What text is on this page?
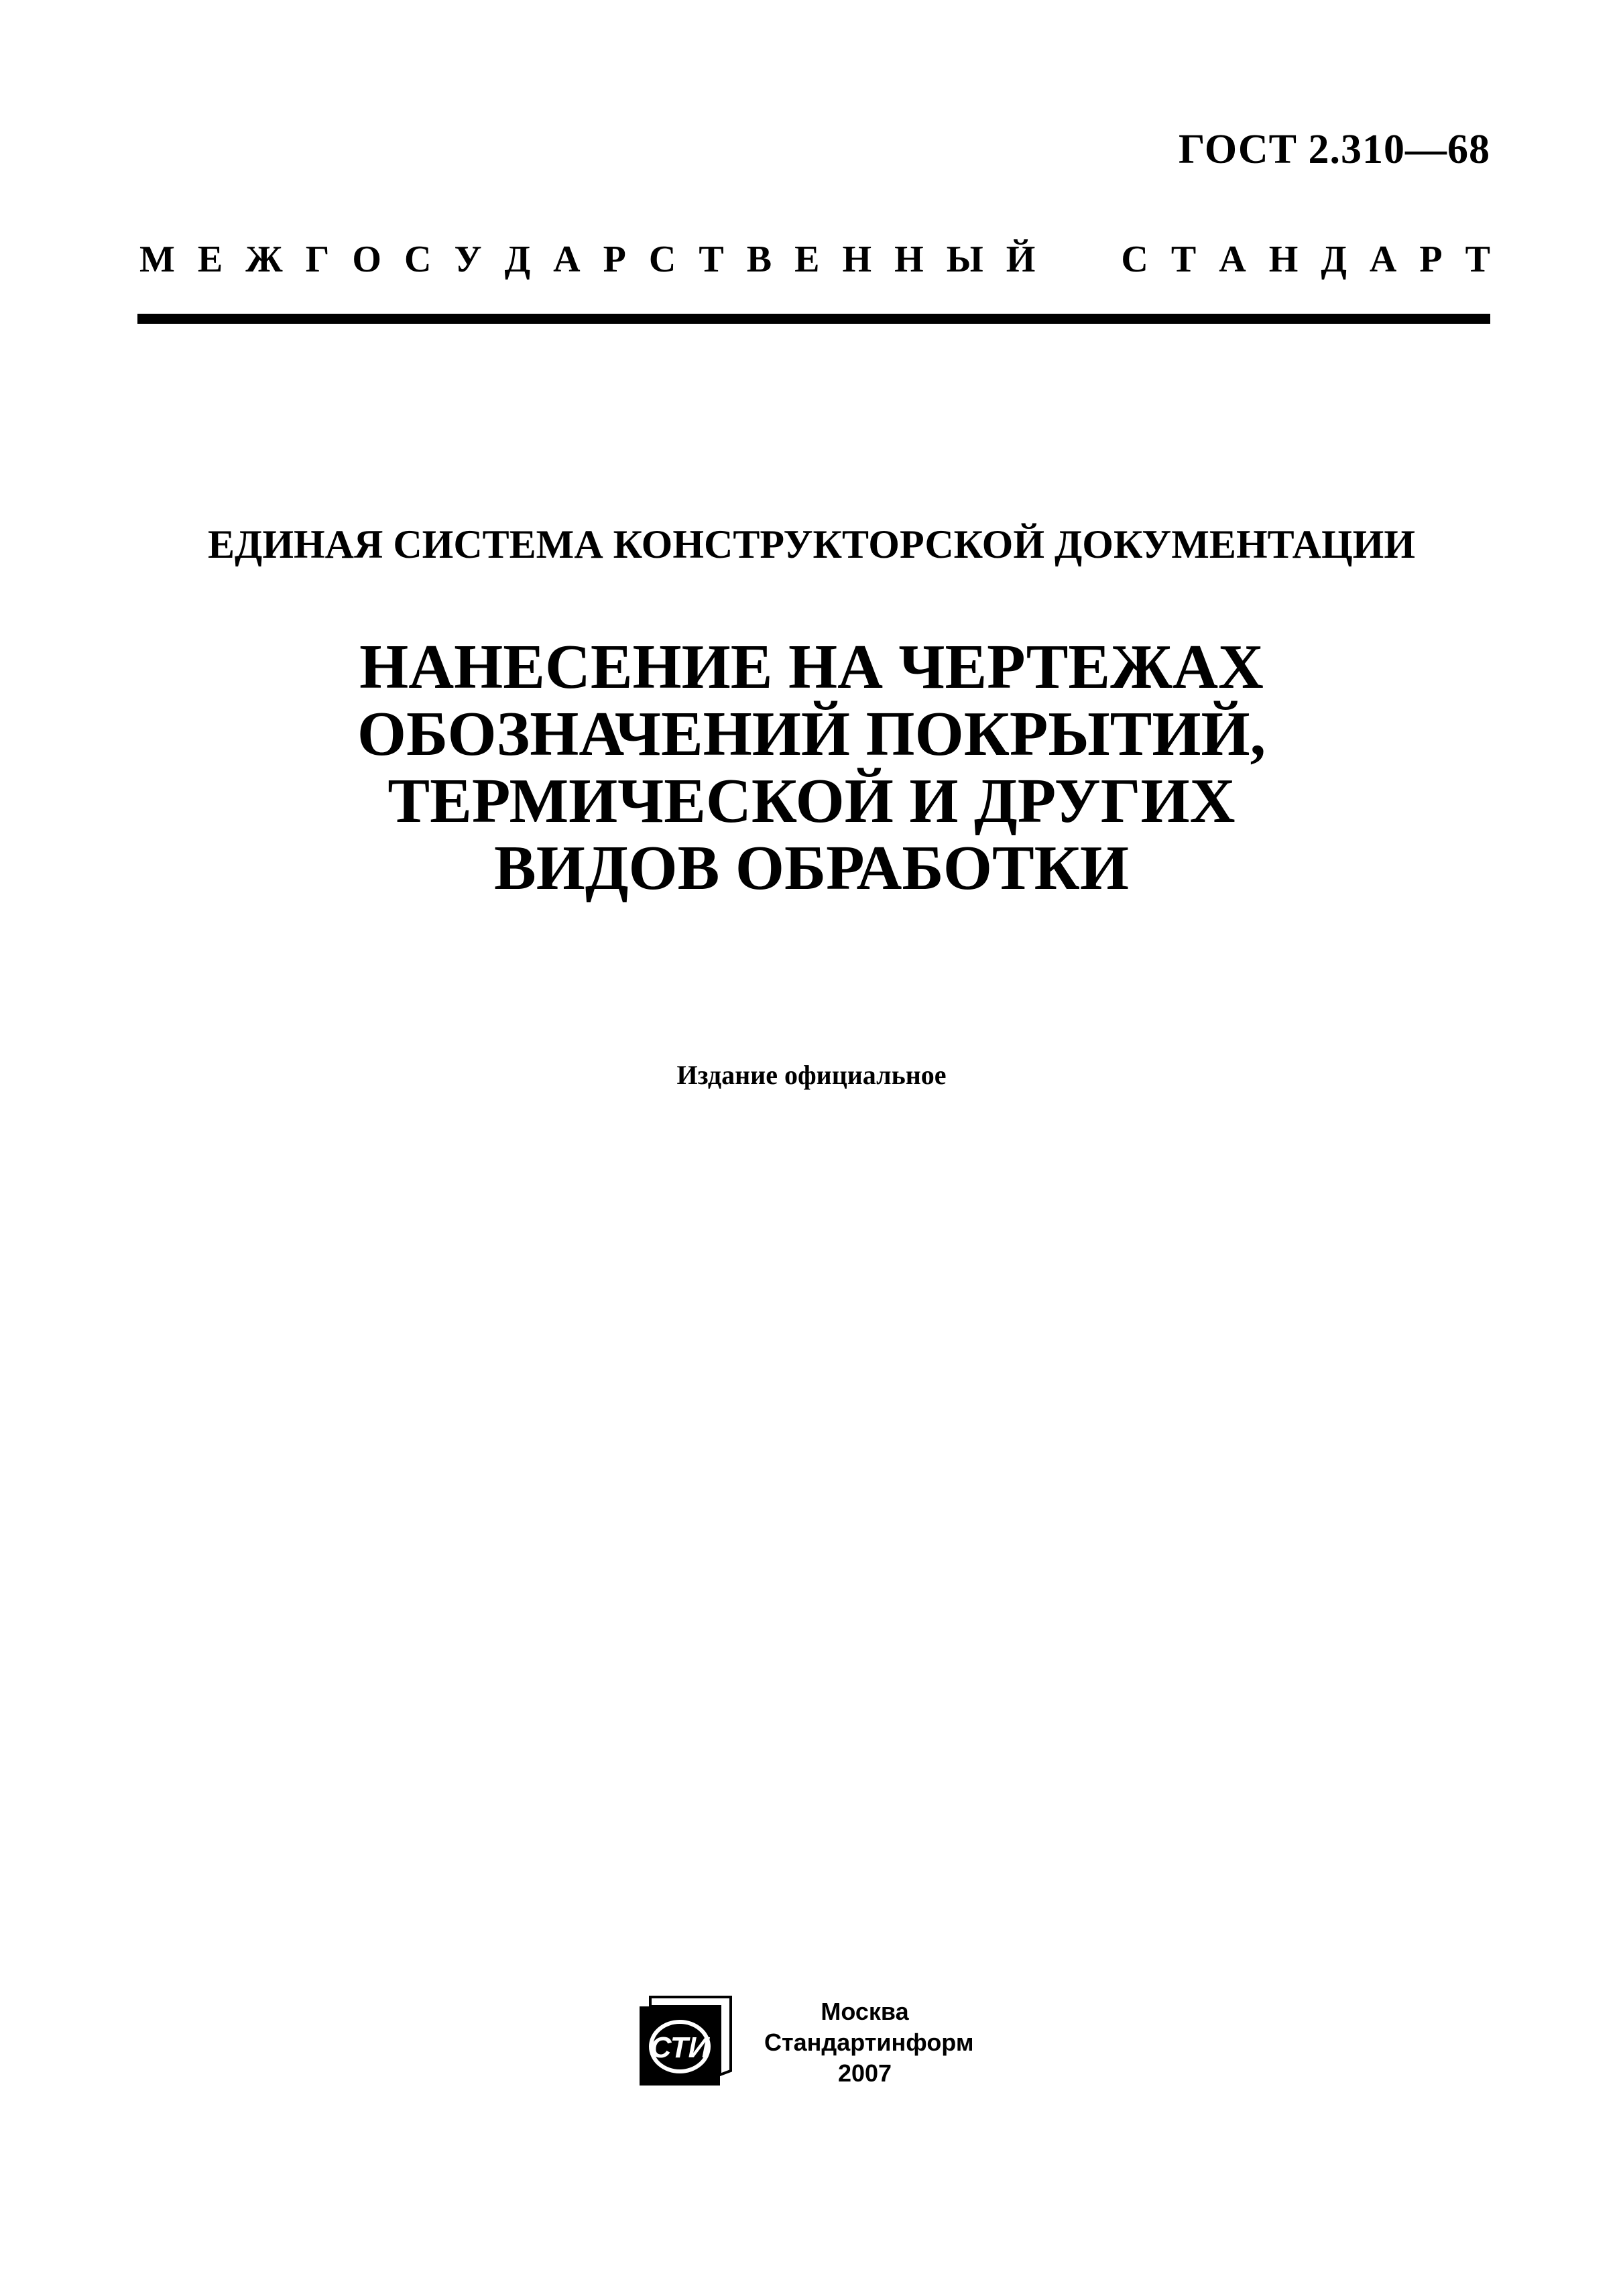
ГОСТ 2.310—68
М Е Ж Г О С У Д А Р С Т В Е Н Н Ы Й
С Т А Н Д А Р Т
ЕДИНАЯ СИСТЕМА КОНСТРУКТОРСКОЙ ДОКУМЕНТАЦИИ
НАНЕСЕНИЕ НА ЧЕРТЕЖАХ
ОБОЗНАЧЕНИЙ ПОКРЫТИЙ,
ТЕРМИЧЕСКОЙ И ДРУГИХ
ВИДОВ ОБРАБОТКИ
Издание официальное
СТИ
Москва
Стандартинформ
2007
